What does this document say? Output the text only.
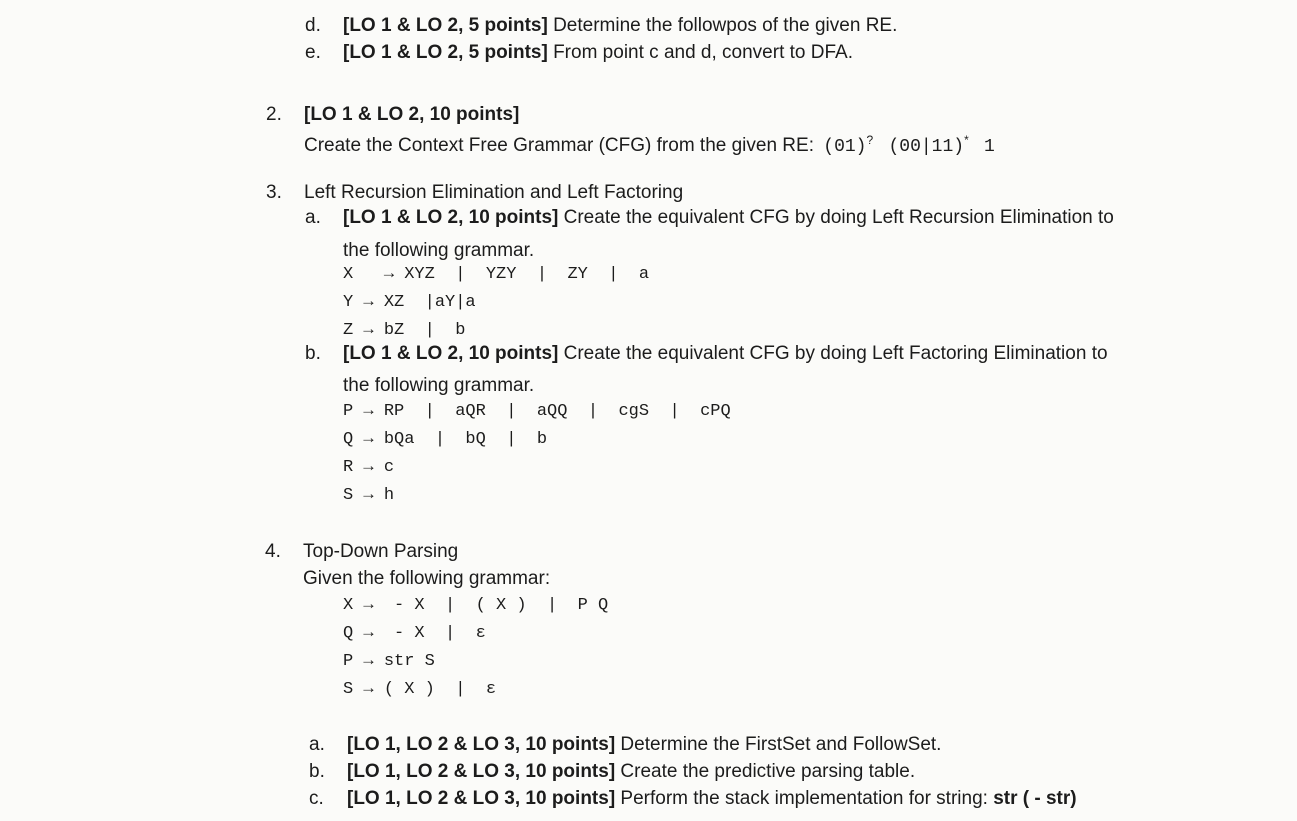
d. [LO 1 & LO 2, 5 points] Determine the followpos of the given RE.
e. [LO 1 & LO 2, 5 points] From point c and d, convert to DFA.
2. [LO 1 & LO 2, 10 points]
Create the Context Free Grammar (CFG) from the given RE: (01)? (00|11)* 1
3. Left Recursion Elimination and Left Factoring
a. [LO 1 & LO 2, 10 points] Create the equivalent CFG by doing Left Recursion Elimination to
the following grammar.
X → XYZ  |  YZY  |  ZY  |  a
Y → XZ  |aY|a
Z → bZ  |  b
b. [LO 1 & LO 2, 10 points] Create the equivalent CFG by doing Left Factoring Elimination to
the following grammar.
P → RP  |  aQR  |  aQQ  |  cgS  |  cPQ
Q → bQa  |  bQ  |  b
R → c
S → h
4. Top-Down Parsing
Given the following grammar:
X → - X  |  ( X )  |  P Q
Q → - X  |  ε
P → str S
S → ( X )  |  ε
a. [LO 1, LO 2 & LO 3, 10 points] Determine the FirstSet and FollowSet.
b. [LO 1, LO 2 & LO 3, 10 points] Create the predictive parsing table.
c. [LO 1, LO 2 & LO 3, 10 points] Perform the stack implementation for string: str ( - str)
